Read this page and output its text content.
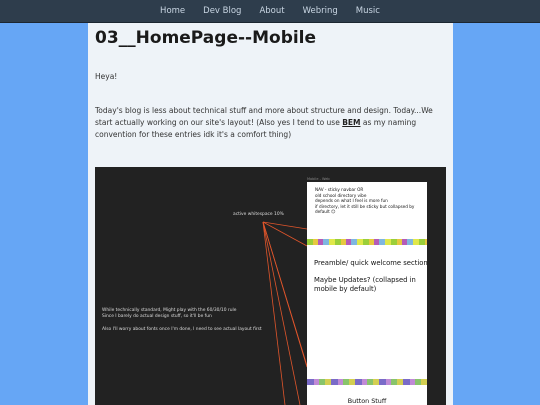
Home	Dev Blog	About	Webring	Music
03__HomePage--Mobile

Heya!

Today's blog is less about technical stuff and more about structure and design. Today...We start actually working on our site's layout! (Also yes I tend to use BEM as my naming convention for these entries idk it's a comfort thing)

Mobile - Web
active whitespace 10%
While technically standard, Might play with the 60/30/10 rule
Since I barely do actual design stuff, so it'll be fun
Also I'll worry about fonts once I'm done, I need to see actual layout first
NAV - sticky navbar OR
old school directory vibe
depends on what I feel is more fun
if directory, let it still be sticky but collapsed by
default 😊
Preamble/ quick welcome section
Maybe Updates? (collapsed in mobile by default)
Button Stuff
